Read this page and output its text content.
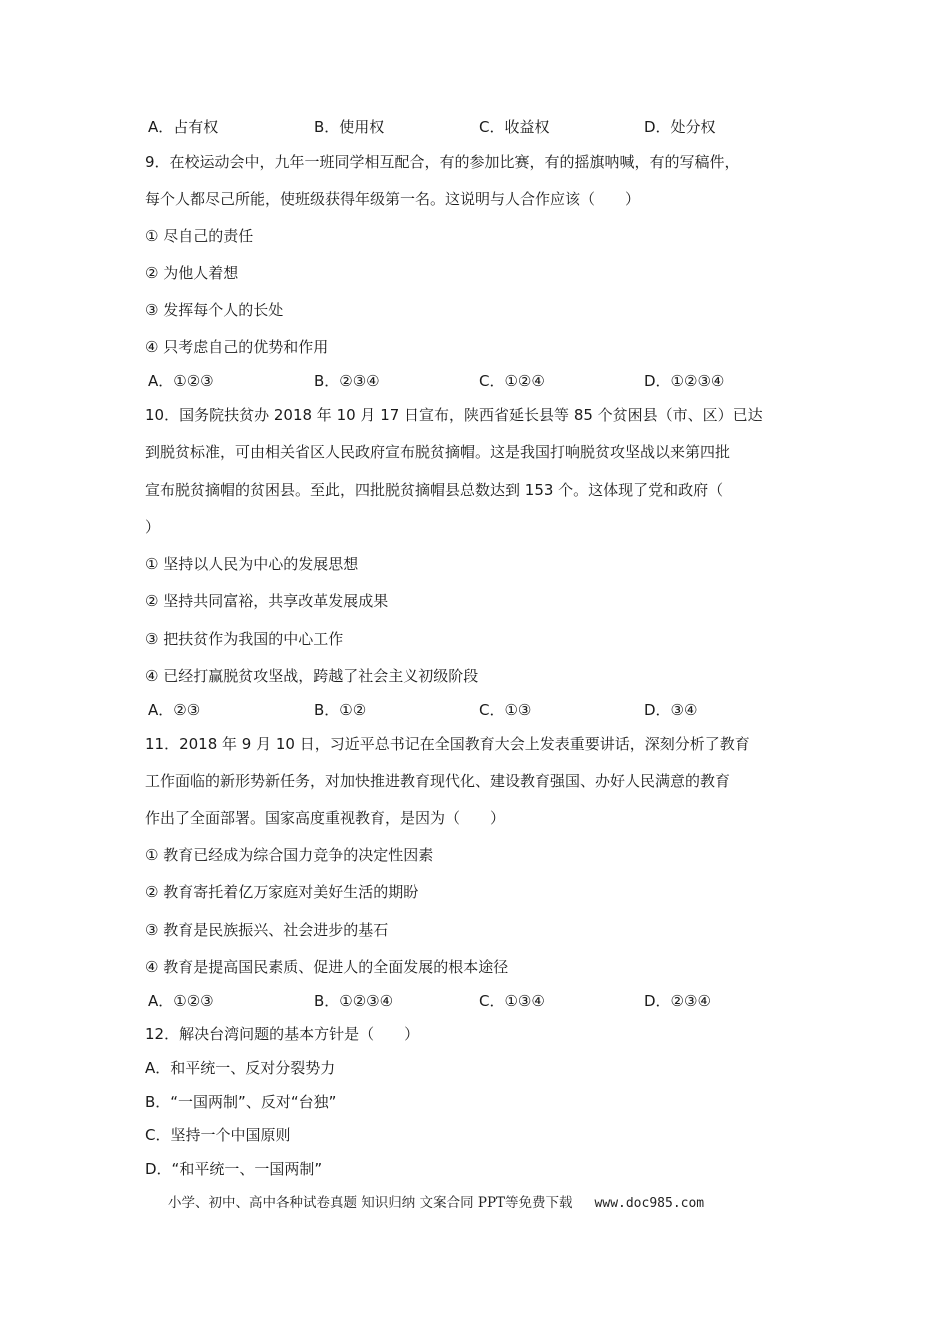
A．占有权	B．使用权	C．收益权	D．处分权
9．在校运动会中，九年一班同学相互配合，有的参加比赛，有的摇旗呐喊，有的写稿件，
每个人都尽己所能，使班级获得年级第一名。这说明与人合作应该（　　）
① 尽自己的责任
② 为他人着想
③ 发挥每个人的长处
④ 只考虑自己的优势和作用
A．①②③	B．②③④	C．①②④	D．①②③④
10．国务院扶贫办 2018 年 10 月 17 日宣布，陕西省延长县等 85 个贫困县（市、区）已达
到脱贫标准，可由相关省区人民政府宣布脱贫摘帽。这是我国打响脱贫攻坚战以来第四批
宣布脱贫摘帽的贫困县。至此，四批脱贫摘帽县总数达到 153 个。这体现了党和政府（
）
① 坚持以人民为中心的发展思想
② 坚持共同富裕，共享改革发展成果
③ 把扶贫作为我国的中心工作
④ 已经打赢脱贫攻坚战，跨越了社会主义初级阶段
A．②③	B．①②	C．①③	D．③④
11．2018 年 9 月 10 日，习近平总书记在全国教育大会上发表重要讲话，深刻分析了教育
工作面临的新形势新任务，对加快推进教育现代化、建设教育强国、办好人民满意的教育
作出了全面部署。国家高度重视教育，是因为（　　）
① 教育已经成为综合国力竞争的决定性因素
② 教育寄托着亿万家庭对美好生活的期盼
③ 教育是民族振兴、社会进步的基石
④ 教育是提高国民素质、促进人的全面发展的根本途径
A．①②③	B．①②③④	C．①③④	D．②③④
12．解决台湾问题的基本方针是（　　）
A．和平统一、反对分裂势力
B．“一国两制”、反对“台独”
C．坚持一个中国原则
D．“和平统一、一国两制”
小学、初中、高中各种试卷真题 知识归纳 文案合同 PPT等免费下载 www.doc985.com
